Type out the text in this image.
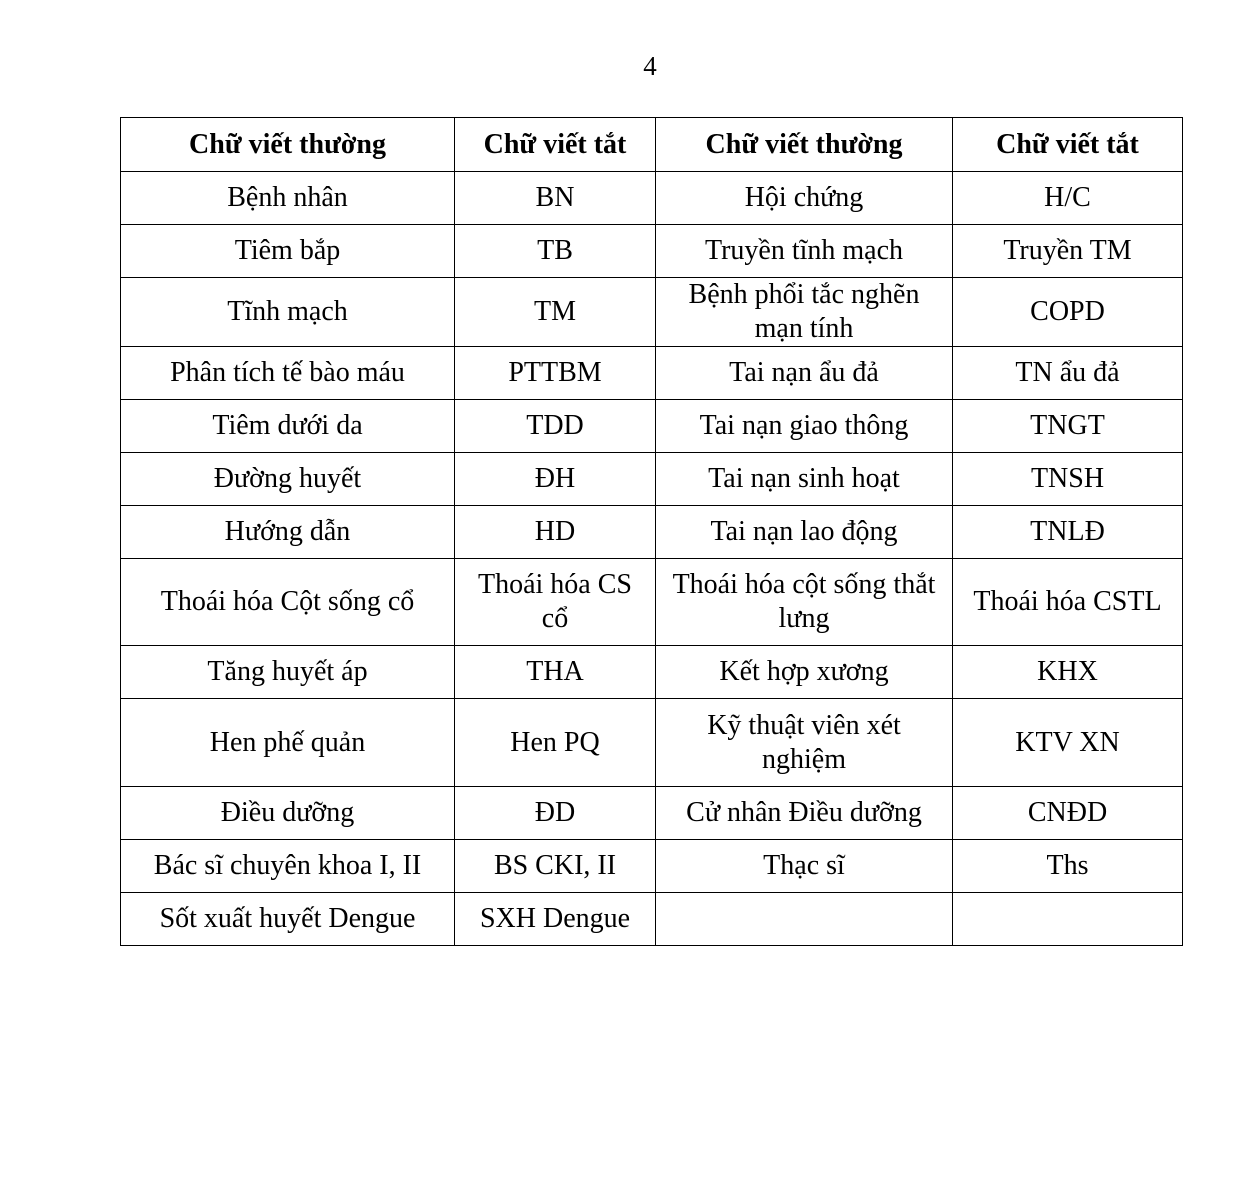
4
Chữ viết thường	Chữ viết tắt	Chữ viết thường	Chữ viết tắt
Bệnh nhân	BN	Hội chứng	H/C
Tiêm bắp	TB	Truyền tĩnh mạch	Truyền TM
Tĩnh mạch	TM	Bệnh phổi tắc nghẽn mạn tính	COPD
Phân tích tế bào máu	PTTBM	Tai nạn ẩu đả	TN ẩu đả
Tiêm dưới da	TDD	Tai nạn giao thông	TNGT
Đường huyết	ĐH	Tai nạn sinh hoạt	TNSH
Hướng dẫn	HD	Tai nạn lao động	TNLĐ
Thoái hóa Cột sống cổ	Thoái hóa CS cổ	Thoái hóa cột sống thắt lưng	Thoái hóa CSTL
Tăng huyết áp	THA	Kết hợp xương	KHX
Hen phế quản	Hen PQ	Kỹ thuật viên xét nghiệm	KTV XN
Điều dưỡng	ĐD	Cử nhân Điều dưỡng	CNĐD
Bác sĩ chuyên khoa I, II	BS CKI, II	Thạc sĩ	Ths
Sốt xuất huyết Dengue	SXH Dengue		
